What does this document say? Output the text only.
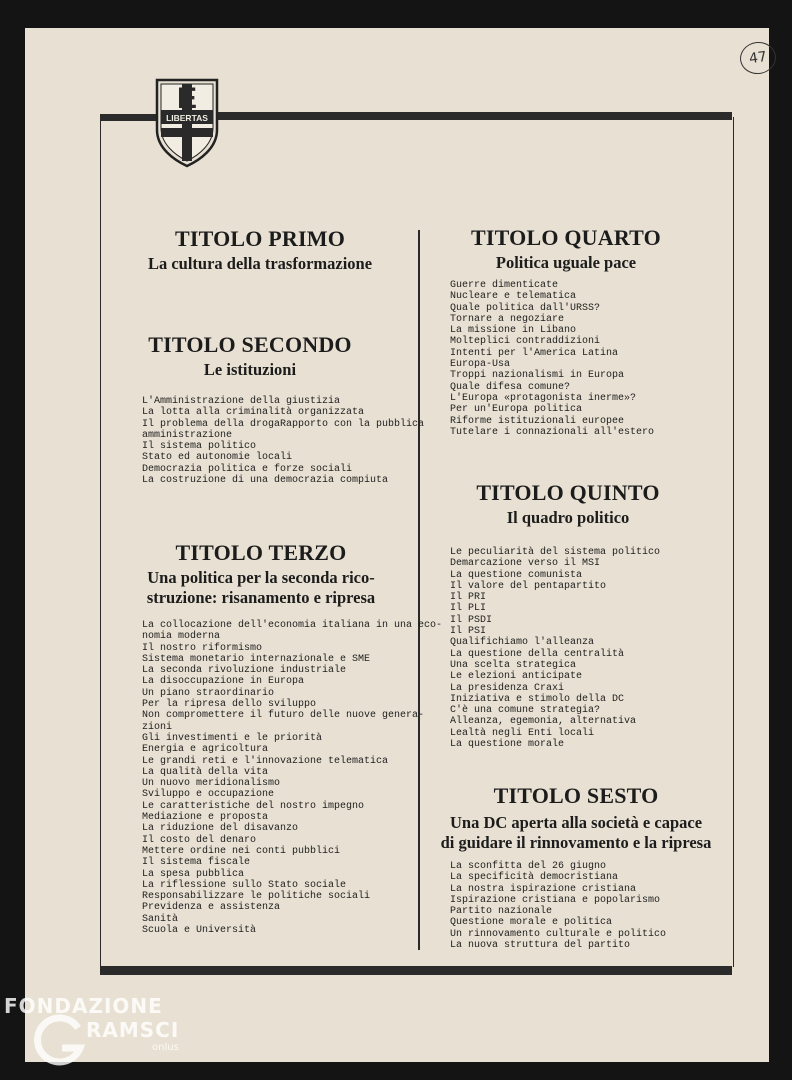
47
E
LIBERTAS
TITOLO PRIMO
La cultura della trasformazione
TITOLO SECONDO
Le istituzioni
L'Amministrazione della giustizia
La lotta alla criminalità organizzata
Il problema della drogaRapporto con la pubblica
amministrazione
Il sistema politico
Stato ed autonomie locali
Democrazia politica e forze sociali
La costruzione di una democrazia compiuta
TITOLO TERZO
Una politica per la seconda rico-
struzione: risanamento e ripresa
La collocazione dell'economia italiana in una eco-
nomia moderna
Il nostro riformismo
Sistema monetario internazionale e SME
La seconda rivoluzione industriale
La disoccupazione in Europa
Un piano straordinario
Per la ripresa dello sviluppo
Non compromettere il futuro delle nuove genera-
zioni
Gli investimenti e le priorità
Energia e agricoltura
Le grandi reti e l'innovazione telematica
La qualità della vita
Un nuovo meridionalismo
Sviluppo e occupazione
Le caratteristiche del nostro impegno
Mediazione e proposta
La riduzione del disavanzo
Il costo del denaro
Mettere ordine nei conti pubblici
Il sistema fiscale
La spesa pubblica
La riflessione sullo Stato sociale
Responsabilizzare le politiche sociali
Previdenza e assistenza
Sanità
Scuola e Università
TITOLO QUARTO
Politica uguale pace
Guerre dimenticate
Nucleare e telematica
Quale politica dall'URSS?
Tornare a negoziare
La missione in Libano
Molteplici contraddizioni
Intenti per l'America Latina
Europa-Usa
Troppi nazionalismi in Europa
Quale difesa comune?
L'Europa «protagonista inerme»?
Per un'Europa politica
Riforme istituzionali europee
Tutelare i connazionali all'estero
TITOLO QUINTO
Il quadro politico
Le peculiarità del sistema politico
Demarcazione verso il MSI
La questione comunista
Il valore del pentapartito
Il PRI
Il PLI
Il PSDI
Il PSI
Qualifichiamo l'alleanza
La questione della centralità
Una scelta strategica
Le elezioni anticipate
La presidenza Craxi
Iniziativa e stimolo della DC
C'è una comune strategia?
Alleanza, egemonia, alternativa
Lealtà negli Enti locali
La questione morale
TITOLO SESTO
Una DC aperta alla società e capace
di guidare il rinnovamento e la ripresa
La sconfitta del 26 giugno
La specificità democristiana
La nostra ispirazione cristiana
Ispirazione cristiana e popolarismo
Partito nazionale
Questione morale e politica
Un rinnovamento culturale e politico
La nuova struttura del partito
FONDAZIONE
RAMSCI
onlus
